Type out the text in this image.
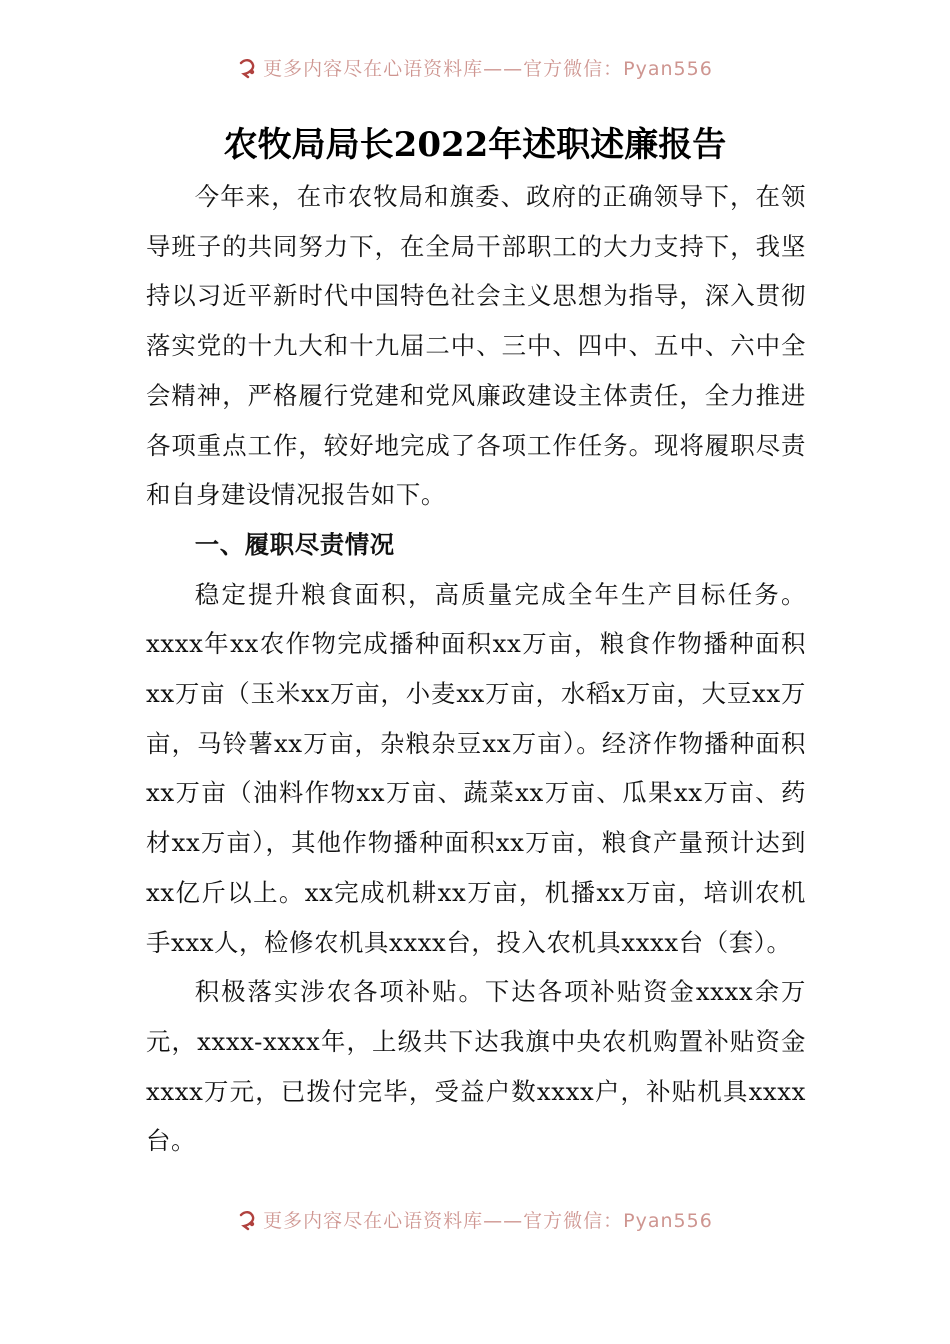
更多内容尽在心语资料库——官方微信：Pyan556
农牧局局长2022年述职述廉报告

今年来，在市农牧局和旗委、政府的正确领导下，在领导班子的共同努力下，在全局干部职工的大力支持下，我坚持以习近平新时代中国特色社会主义思想为指导，深入贯彻落实党的十九大和十九届二中、三中、四中、五中、六中全会精神，严格履行党建和党风廉政建设主体责任，全力推进各项重点工作，较好地完成了各项工作任务。现将履职尽责和自身建设情况报告如下。

一、履职尽责情况

稳定提升粮食面积，高质量完成全年生产目标任务。xxxx年xx农作物完成播种面积xx万亩，粮食作物播种面积xx万亩（玉米xx万亩，小麦xx万亩，水稻x万亩，大豆xx万亩，马铃薯xx万亩，杂粮杂豆xx万亩）。经济作物播种面积xx万亩（油料作物xx万亩、蔬菜xx万亩、瓜果xx万亩、药材xx万亩），其他作物播种面积xx万亩，粮食产量预计达到xx亿斤以上。xx完成机耕xx万亩，机播xx万亩，培训农机手xxx人，检修农机具xxxx台，投入农机具xxxx台（套）。

积极落实涉农各项补贴。下达各项补贴资金xxxx余万元，xxxx-xxxx年，上级共下达我旗中央农机购置补贴资金xxxx万元，已拨付完毕，受益户数xxxx户，补贴机具xxxx台。

更多内容尽在心语资料库——官方微信：Pyan556
